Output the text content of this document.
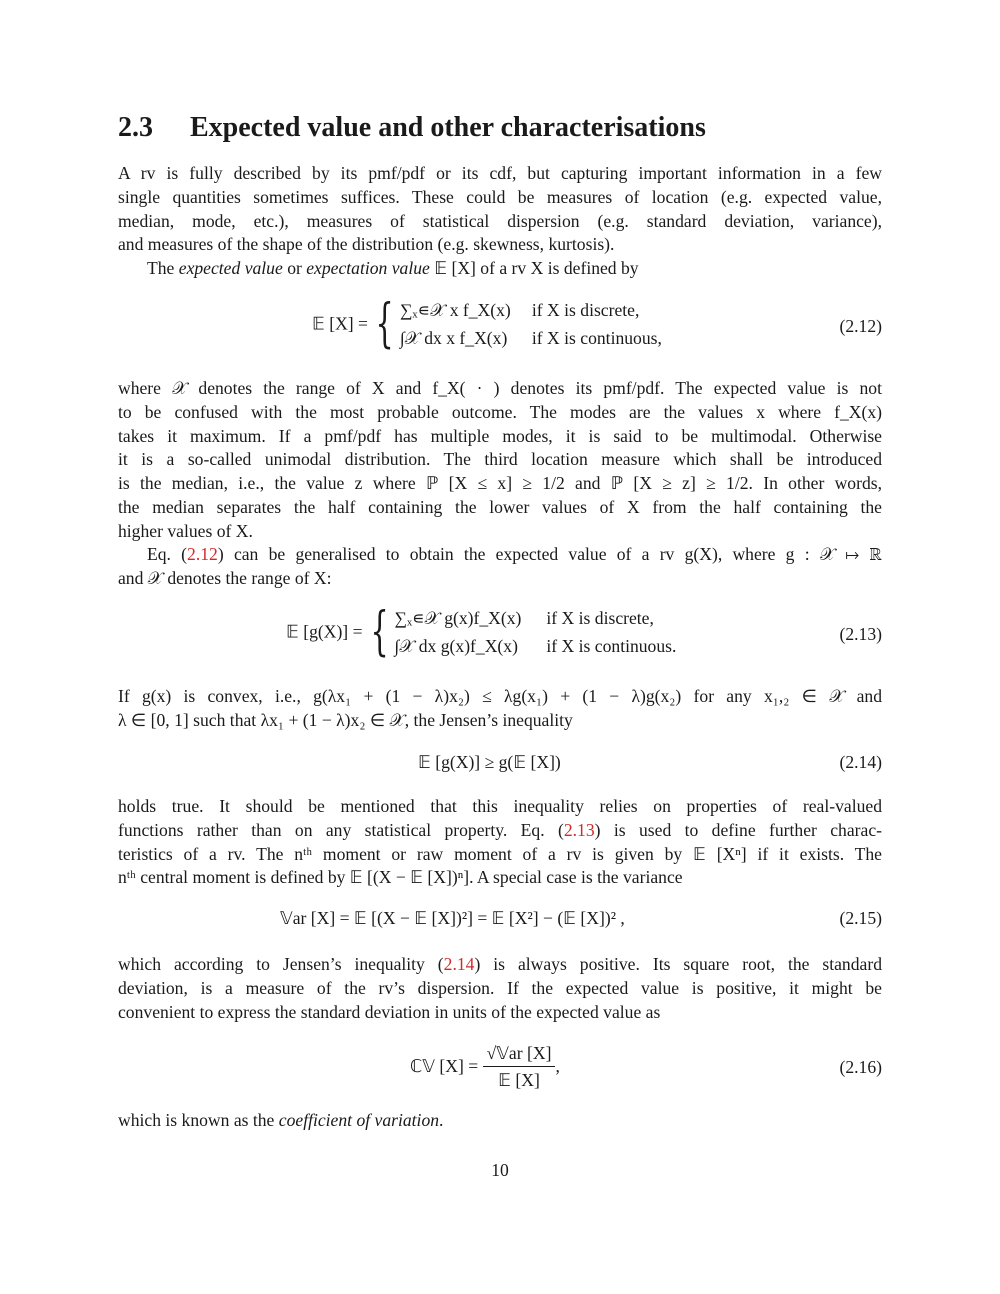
2.3 Expected value and other characterisations
A rv is fully described by its pmf/pdf or its cdf, but capturing important information in a few
single quantities sometimes suffices. These could be measures of location (e.g. expected value,
median, mode, etc.), measures of statistical dispersion (e.g. standard deviation, variance),
and measures of the shape of the distribution (e.g. skewness, kurtosis).
The expected value or expectation value 𝔼 [X] of a rv X is defined by
𝔼 [X] = { ∑ₓ∊𝒳 x f_X(x) if X is discrete,
∫𝒳 dx x f_X(x) if X is continuous,
(2.12)
where 𝒳 denotes the range of X and f_X( · ) denotes its pmf/pdf. The expected value is not
to be confused with the most probable outcome. The modes are the values x where f_X(x)
takes it maximum. If a pmf/pdf has multiple modes, it is said to be multimodal. Otherwise
it is a so-called unimodal distribution. The third location measure which shall be introduced
is the median, i.e., the value z where ℙ [X ≤ x] ≥ 1/2 and ℙ [X ≥ z] ≥ 1/2. In other words,
the median separates the half containing the lower values of X from the half containing the
higher values of X.
Eq. (2.12) can be generalised to obtain the expected value of a rv g(X), where g : 𝒳 ↦ ℝ
and 𝒳 denotes the range of X:
𝔼 [g(X)] = { ∑ₓ∊𝒳 g(x)f_X(x) if X is discrete,
∫𝒳 dx g(x)f_X(x) if X is continuous.
(2.13)
If g(x) is convex, i.e., g(λx₁ + (1 − λ)x₂) ≤ λg(x₁) + (1 − λ)g(x₂) for any x₁,₂ ∈ 𝒳 and
λ ∈ [0, 1] such that λx₁ + (1 − λ)x₂ ∈ 𝒳, the Jensen’s inequality
𝔼 [g(X)] ≥ g(𝔼 [X])	(2.14)
holds true. It should be mentioned that this inequality relies on properties of real-valued
functions rather than on any statistical property. Eq. (2.13) is used to define further charac-
teristics of a rv. The nᵗʰ moment or raw moment of a rv is given by 𝔼 [Xⁿ] if it exists. The
nᵗʰ central moment is defined by 𝔼 [(X − 𝔼 [X])ⁿ]. A special case is the variance
𝕍ar [X] = 𝔼 [(X − 𝔼 [X])²] = 𝔼 [X²] − (𝔼 [X])² ,	(2.15)
which according to Jensen’s inequality (2.14) is always positive. Its square root, the standard
deviation, is a measure of the rv’s dispersion. If the expected value is positive, it might be
convenient to express the standard deviation in units of the expected value as
ℂ𝕍 $[X] = \frac{\text{√𝕍ar [X]}}{\text{𝔼 [X]}}$ ,	(2.16)
which is known as the coefficient of variation.
10
